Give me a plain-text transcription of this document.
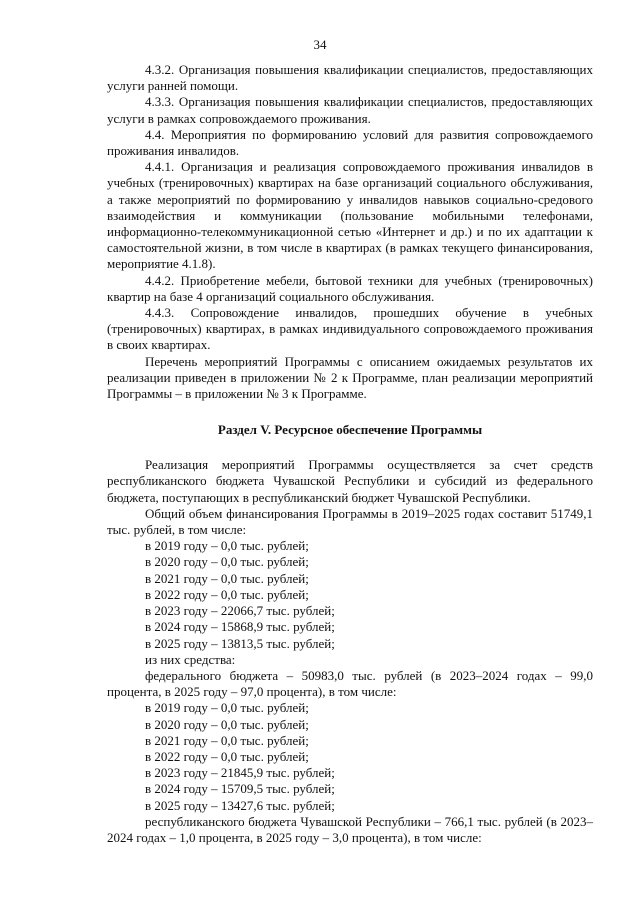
34

4.3.2. Организация повышения квалификации специалистов, предоставляющих услуги ранней помощи.

4.3.3. Организация повышения квалификации специалистов, предоставляющих услуги в рамках сопровождаемого проживания.

4.4. Мероприятия по формированию условий для развития сопровождаемого проживания инвалидов.

4.4.1. Организация и реализация сопровождаемого проживания инвалидов в учебных (тренировочных) квартирах на базе организаций социального обслуживания, а также мероприятий по формированию у инвалидов навыков социально-средового взаимодействия и коммуникации (пользование мобильными телефонами, информационно-телекоммуникационной сетью «Интернет и др.) и по их адаптации к самостоятельной жизни, в том числе в квартирах (в рамках текущего финансирования, мероприятие 4.1.8).

4.4.2. Приобретение мебели, бытовой техники для учебных (тренировочных) квартир на базе 4 организаций социального обслуживания.

4.4.3. Сопровождение инвалидов, прошедших обучение в учебных (тренировочных) квартирах, в рамках индивидуального сопровождаемого проживания в своих квартирах.

Перечень мероприятий Программы с описанием ожидаемых результатов их реализации приведен в приложении № 2 к Программе, план реализации мероприятий Программы – в приложении № 3 к Программе.

Раздел V. Ресурсное обеспечение Программы

Реализация мероприятий Программы осуществляется за счет средств республиканского бюджета Чувашской Республики и субсидий из федерального бюджета, поступающих в республиканский бюджет Чувашской Республики.

Общий объем финансирования Программы в 2019–2025 годах составит 51749,1 тыс. рублей, в том числе:

в 2019 году – 0,0 тыс. рублей;

в 2020 году – 0,0 тыс. рублей;

в 2021 году – 0,0 тыс. рублей;

в 2022 году – 0,0 тыс. рублей;

в 2023 году – 22066,7 тыс. рублей;

в 2024 году – 15868,9 тыс. рублей;

в 2025 году – 13813,5 тыс. рублей;

из них средства:

федерального бюджета – 50983,0 тыс. рублей (в 2023–2024 годах – 99,0 процента, в 2025 году – 97,0 процента), в том числе:

в 2019 году – 0,0 тыс. рублей;

в 2020 году – 0,0 тыс. рублей;

в 2021 году – 0,0 тыс. рублей;

в 2022 году – 0,0 тыс. рублей;

в 2023 году – 21845,9 тыс. рублей;

в 2024 году – 15709,5 тыс. рублей;

в 2025 году – 13427,6 тыс. рублей;

республиканского бюджета Чувашской Республики – 766,1 тыс. рублей (в 2023–2024 годах – 1,0 процента, в 2025 году – 3,0 процента), в том числе:
